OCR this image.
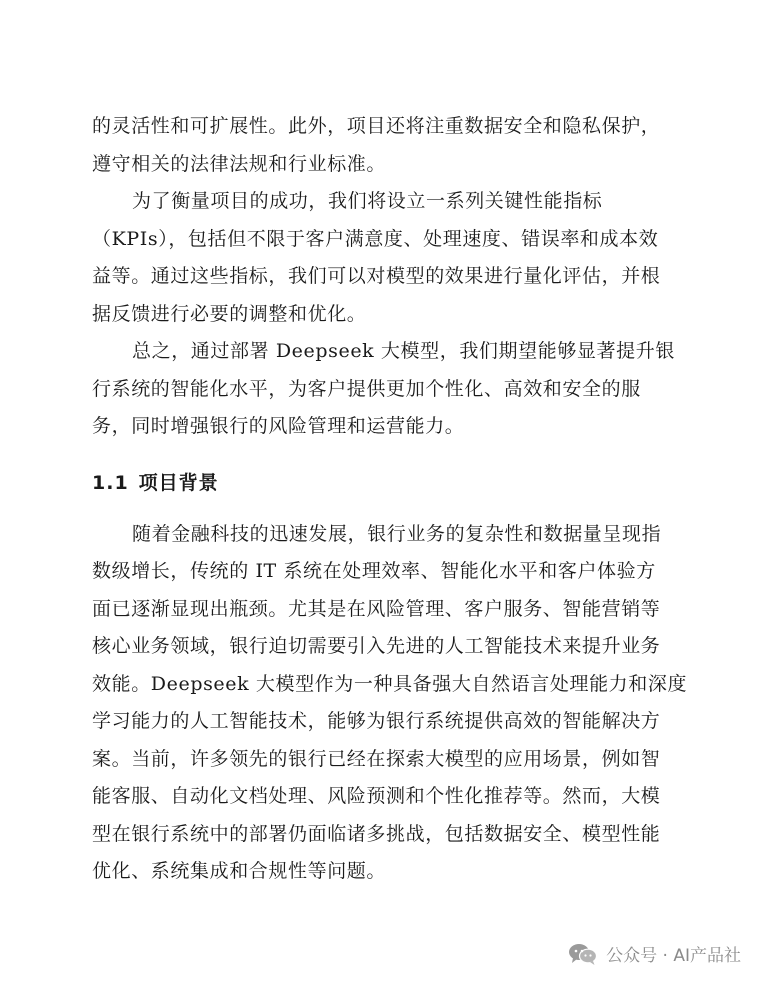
的灵活性和可扩展性。此外，项目还将注重数据安全和隐私保护，
遵守相关的法律法规和行业标准。

为了衡量项目的成功，我们将设立一系列关键性能指标
（KPIs），包括但不限于客户满意度、处理速度、错误率和成本效
益等。通过这些指标，我们可以对模型的效果进行量化评估，并根
据反馈进行必要的调整和优化。

总之，通过部署 Deepseek 大模型，我们期望能够显著提升银
行系统的智能化水平，为客户提供更加个性化、高效和安全的服
务，同时增强银行的风险管理和运营能力。

1.1 项目背景

随着金融科技的迅速发展，银行业务的复杂性和数据量呈现指
数级增长，传统的 IT 系统在处理效率、智能化水平和客户体验方
面已逐渐显现出瓶颈。尤其是在风险管理、客户服务、智能营销等
核心业务领域，银行迫切需要引入先进的人工智能技术来提升业务
效能。Deepseek 大模型作为一种具备强大自然语言处理能力和深度
学习能力的人工智能技术，能够为银行系统提供高效的智能解决方
案。当前，许多领先的银行已经在探索大模型的应用场景，例如智
能客服、自动化文档处理、风险预测和个性化推荐等。然而，大模
型在银行系统中的部署仍面临诸多挑战，包括数据安全、模型性能
优化、系统集成和合规性等问题。

公众号 · AI产品社
